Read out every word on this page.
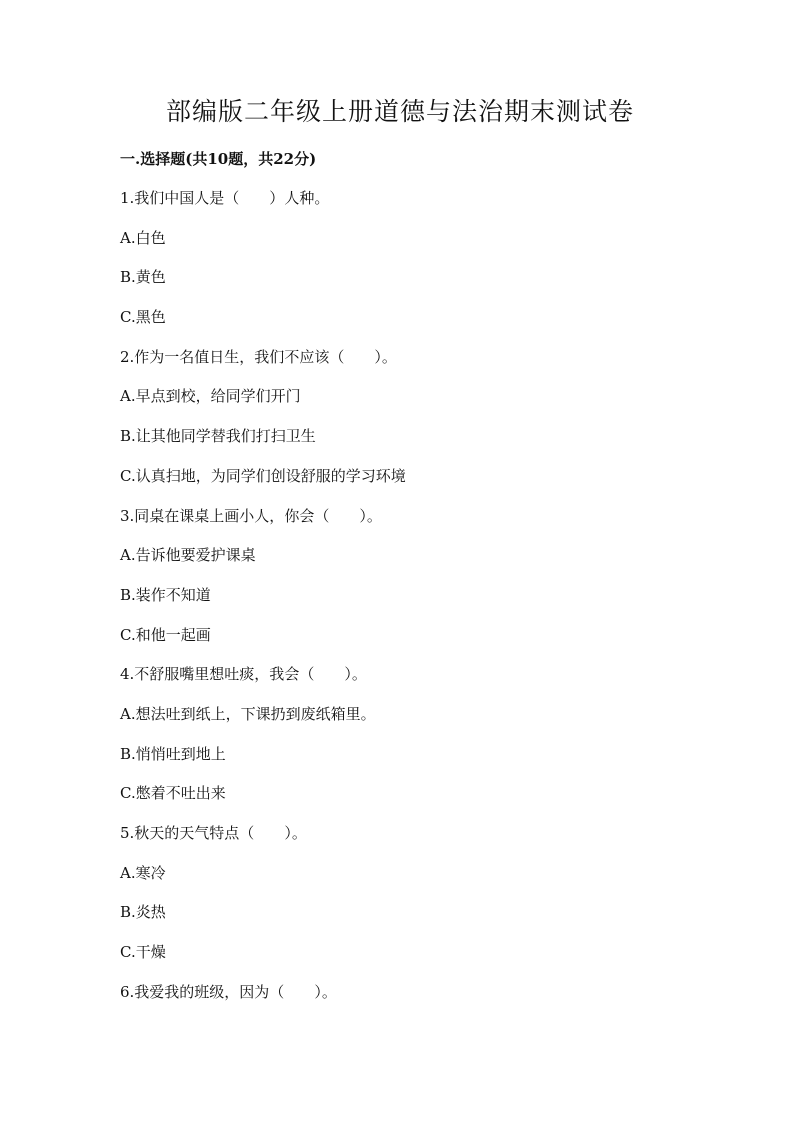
部编版二年级上册道德与法治期末测试卷
一.选择题(共10题，共22分)
1.我们中国人是（　　）人种。
A.白色
B.黄色
C.黑色
2.作为一名值日生，我们不应该（　　）。
A.早点到校，给同学们开门
B.让其他同学替我们打扫卫生
C.认真扫地，为同学们创设舒服的学习环境
3.同桌在课桌上画小人，你会（　　）。
A.告诉他要爱护课桌
B.装作不知道
C.和他一起画
4.不舒服嘴里想吐痰，我会（　　）。
A.想法吐到纸上，下课扔到废纸箱里。
B.悄悄吐到地上
C.憋着不吐出来
5.秋天的天气特点（　　）。
A.寒冷
B.炎热
C.干燥
6.我爱我的班级，因为（　　）。
